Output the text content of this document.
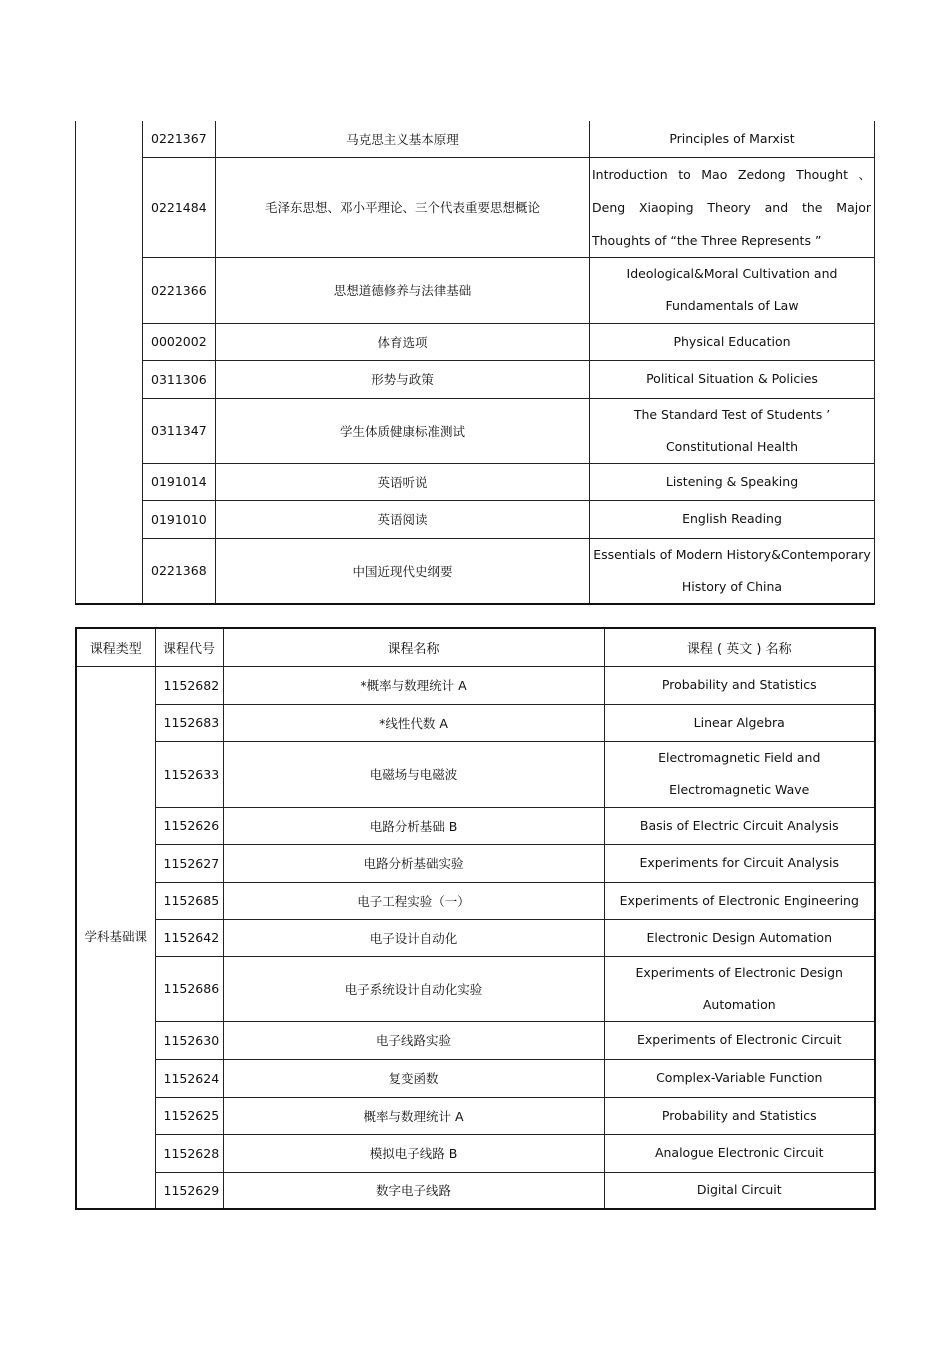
	0221367	马克思主义基本原理	Principles of Marxist
	0221484	毛泽东思想、邓小平理论、三个代表重要思想概论	Introduction to Mao Zedong Thought 、Deng Xiaoping Theory and the Major Thoughts of “the Three Represents ”
	0221366	思想道德修养与法律基础	Ideological&Moral Cultivation and Fundamentals of Law
	0002002	体育选项	Physical Education
	0311306	形势与政策	Political Situation & Policies
	0311347	学生体质健康标准测试	The Standard Test of Students ’ Constitutional Health
	0191014	英语听说	Listening & Speaking
	0191010	英语阅读	English Reading
	0221368	中国近现代史纲要	Essentials of Modern History&Contemporary History of China
课程类型	课程代号	课程名称	课程 ( 英文 ) 名称
学科基础课	1152682	*概率与数理统计 A	Probability and Statistics
	1152683	*线性代数 A	Linear Algebra
	1152633	电磁场与电磁波	Electromagnetic Field and Electromagnetic Wave
	1152626	电路分析基础 B	Basis of Electric Circuit Analysis
	1152627	电路分析基础实验	Experiments for Circuit Analysis
	1152685	电子工程实验（一）	Experiments of Electronic Engineering
	1152642	电子设计自动化	Electronic Design Automation
	1152686	电子系统设计自动化实验	Experiments of Electronic Design Automation
	1152630	电子线路实验	Experiments of Electronic Circuit
	1152624	复变函数	Complex-Variable Function
	1152625	概率与数理统计 A	Probability and Statistics
	1152628	模拟电子线路 B	Analogue Electronic Circuit
	1152629	数字电子线路	Digital Circuit
